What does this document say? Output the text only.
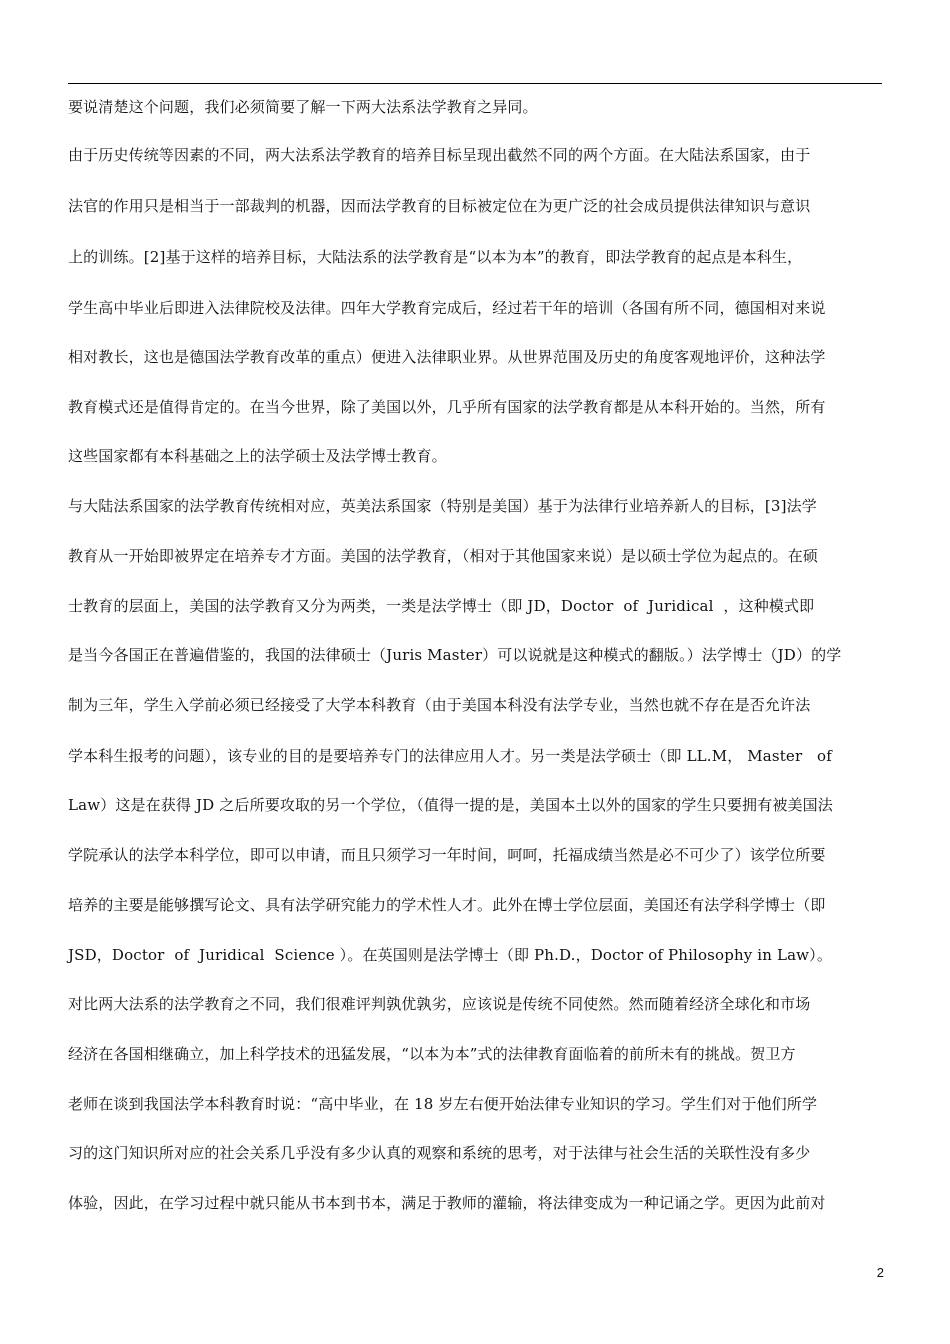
要说清楚这个问题，我们必须简要了解一下两大法系法学教育之异同。
由于历史传统等因素的不同，两大法系法学教育的培养目标呈现出截然不同的两个方面。在大陆法系国家，由于
法官的作用只是相当于一部裁判的机器，因而法学教育的目标被定位在为更广泛的社会成员提供法律知识与意识
上的训练。[2]基于这样的培养目标，大陆法系的法学教育是“以本为本”的教育，即法学教育的起点是本科生，
学生高中毕业后即进入法律院校及法律。四年大学教育完成后，经过若干年的培训（各国有所不同，德国相对来说
相对教长，这也是德国法学教育改革的重点）便进入法律职业界。从世界范围及历史的角度客观地评价，这种法学
教育模式还是值得肯定的。在当今世界，除了美国以外，几乎所有国家的法学教育都是从本科开始的。当然，所有
这些国家都有本科基础之上的法学硕士及法学博士教育。
与大陆法系国家的法学教育传统相对应，英美法系国家（特别是美国）基于为法律行业培养新人的目标，[3]法学
教育从一开始即被界定在培养专才方面。美国的法学教育，（相对于其他国家来说）是以硕士学位为起点的。在硕
士教育的层面上，美国的法学教育又分为两类，一类是法学博士（即 JD，Doctor  of  Juridical  ，这种模式即
是当今各国正在普遍借鉴的，我国的法律硕士（Juris Master）可以说就是这种模式的翻版。）法学博士（JD）的学
制为三年，学生入学前必须已经接受了大学本科教育（由于美国本科没有法学专业，当然也就不存在是否允许法
学本科生报考的问题），该专业的目的是要培养专门的法律应用人才。另一类是法学硕士（即 LL.M， Master   of
Law）这是在获得 JD 之后所要攻取的另一个学位，（值得一提的是，美国本土以外的国家的学生只要拥有被美国法
学院承认的法学本科学位，即可以申请，而且只须学习一年时间，呵呵，托福成绩当然是必不可少了）该学位所要
培养的主要是能够撰写论文、具有法学研究能力的学术性人才。此外在博士学位层面，美国还有法学科学博士（即
JSD，Doctor  of  Juridical  Science ）。在英国则是法学博士（即 Ph.D.，Doctor of Philosophy in Law）。
对比两大法系的法学教育之不同，我们很难评判孰优孰劣，应该说是传统不同使然。然而随着经济全球化和市场
经济在各国相继确立，加上科学技术的迅猛发展，“以本为本”式的法律教育面临着的前所未有的挑战。贺卫方
老师在谈到我国法学本科教育时说：“高中毕业，在 18 岁左右便开始法律专业知识的学习。学生们对于他们所学
习的这门知识所对应的社会关系几乎没有多少认真的观察和系统的思考，对于法律与社会生活的关联性没有多少
体验，因此，在学习过程中就只能从书本到书本，满足于教师的灌输，将法律变成为一种记诵之学。更因为此前对
2
